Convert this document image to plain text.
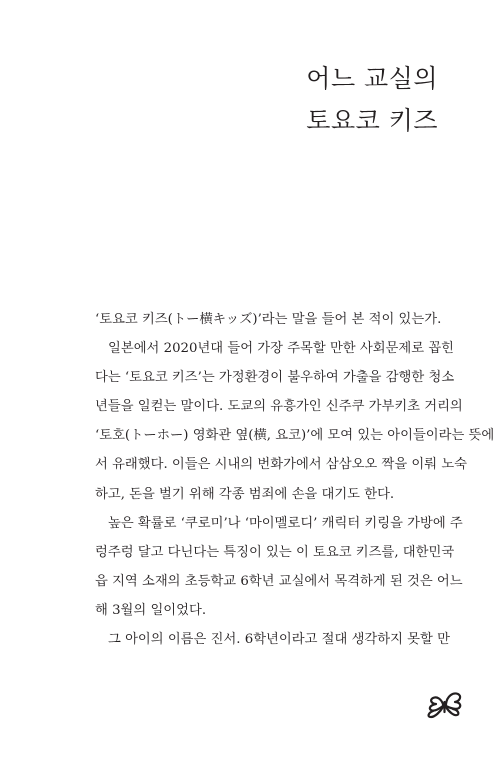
어느 교실의
토요코 키즈
‘토요코 키즈(トー横キッズ)’라는 말을 들어 본 적이 있는가.
일본에서 2020년대 들어 가장 주목할 만한 사회문제로 꼽힌
다는 ‘토요코 키즈’는 가정환경이 불우하여 가출을 감행한 청소
년들을 일컫는 말이다. 도쿄의 유흥가인 신주쿠 가부키초 거리의
‘토호(トーホー) 영화관 옆(横, 요코)’에 모여 있는 아이들이라는 뜻에
서 유래했다. 이들은 시내의 번화가에서 삼삼오오 짝을 이뤄 노숙
하고, 돈을 벌기 위해 각종 범죄에 손을 대기도 한다.
높은 확률로 ‘쿠로미’나 ‘마이멜로디’ 캐릭터 키링을 가방에 주
렁주렁 달고 다닌다는 특징이 있는 이 토요코 키즈를, 대한민국
읍 지역 소재의 초등학교 6학년 교실에서 목격하게 된 것은 어느
해 3월의 일이었다.
그 아이의 이름은 진서. 6학년이라고 절대 생각하지 못할 만
